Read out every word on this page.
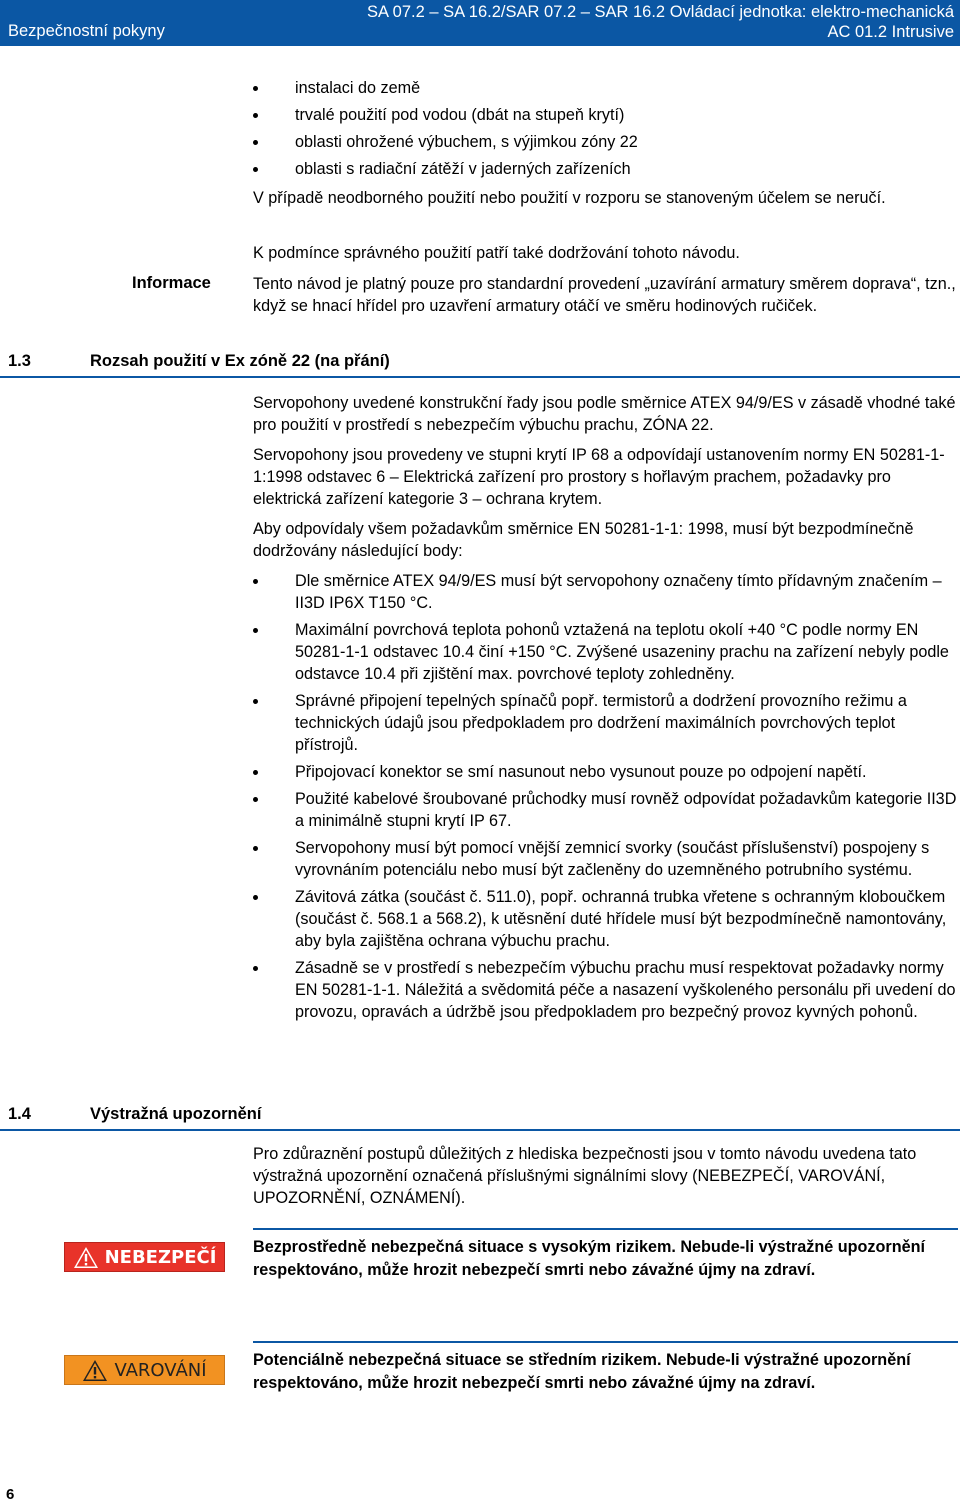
Bezpečnostní pokyny
SA 07.2 – SA 16.2/SAR 07.2 – SAR 16.2 Ovládací jednotka: elektro-mechanická
AC 01.2 Intrusive
instalaci do země
trvalé použití pod vodou (dbát na stupeň krytí)
oblasti ohrožené výbuchem, s výjimkou zóny 22
oblasti s radiační zátěží v jaderných zařízeních
V případě neodborného použití nebo použití v rozporu se stanoveným účelem se neručí.
K podmínce správného použití patří také dodržování tohoto návodu.
Informace	Tento návod je platný pouze pro standardní provedení „uzavírání armatury směrem doprava“, tzn., když se hnací hřídel pro uzavření armatury otáčí ve směru hodinových ručiček.
1.3	Rozsah použití v Ex zóně 22 (na přání)
Servopohony uvedené konstrukční řady jsou podle směrnice ATEX 94/9/ES v zásadě vhodné také pro použití v prostředí s nebezpečím výbuchu prachu, ZÓNA 22.
Servopohony jsou provedeny ve stupni krytí IP 68 a odpovídají ustanovením normy EN 50281-1-1:1998 odstavec 6 – Elektrická zařízení pro prostory s hořlavým prachem, požadavky pro elektrická zařízení kategorie 3 – ochrana krytem.
Aby odpovídaly všem požadavkům směrnice EN 50281-1-1: 1998, musí být bezpodmínečně dodržovány následující body:
Dle směrnice ATEX 94/9/ES musí být servopohony označeny tímto přídavným značením – II3D IP6X T150 °C.
Maximální povrchová teplota pohonů vztažená na teplotu okolí +40 °C podle normy EN 50281-1-1 odstavec 10.4 činí +150 °C. Zvýšené usazeniny prachu na zařízení nebyly podle odstavce 10.4 při zjištění max. povrchové teploty zohledněny.
Správné připojení tepelných spínačů popř. termistorů a dodržení provozního režimu a technických údajů jsou předpokladem pro dodržení maximálních povrchových teplot přístrojů.
Připojovací konektor se smí nasunout nebo vysunout pouze po odpojení napětí.
Použité kabelové šroubované průchodky musí rovněž odpovídat požadavkům kategorie II3D a minimálně stupni krytí IP 67.
Servopohony musí být pomocí vnější zemnicí svorky (součást příslušenství) pospojeny s vyrovnáním potenciálu nebo musí být začleněny do uzemněného potrubního systému.
Závitová zátka (součást č. 511.0), popř. ochranná trubka vřetene s ochranným kloboučkem (součást č. 568.1 a 568.2), k utěsnění duté hřídele musí být bezpodmínečně namontovány, aby byla zajištěna ochrana výbuchu prachu.
Zásadně se v prostředí s nebezpečím výbuchu prachu musí respektovat požadavky normy EN 50281-1-1. Náležitá a svědomitá péče a nasazení vyškoleného personálu při uvedení do provozu, opravách a údržbě jsou předpokladem pro bezpečný provoz kyvných pohonů.
1.4	Výstražná upozornění
Pro zdůraznění postupů důležitých z hlediska bezpečnosti jsou v tomto návodu uvedena tato výstražná upozornění označená příslušnými signálními slovy (NEBEZPEČÍ, VAROVÁNÍ, UPOZORNĚNÍ, OZNÁMENÍ).
NEBEZPEČÍ Bezprostředně nebezpečná situace s vysokým rizikem. Nebude-li výstražné upozornění respektováno, může hrozit nebezpečí smrti nebo závažné újmy na zdraví.
VAROVÁNÍ	Potenciálně nebezpečná situace se středním rizikem. Nebude-li výstražné upozornění respektováno, může hrozit nebezpečí smrti nebo závažné újmy na zdraví.
6
